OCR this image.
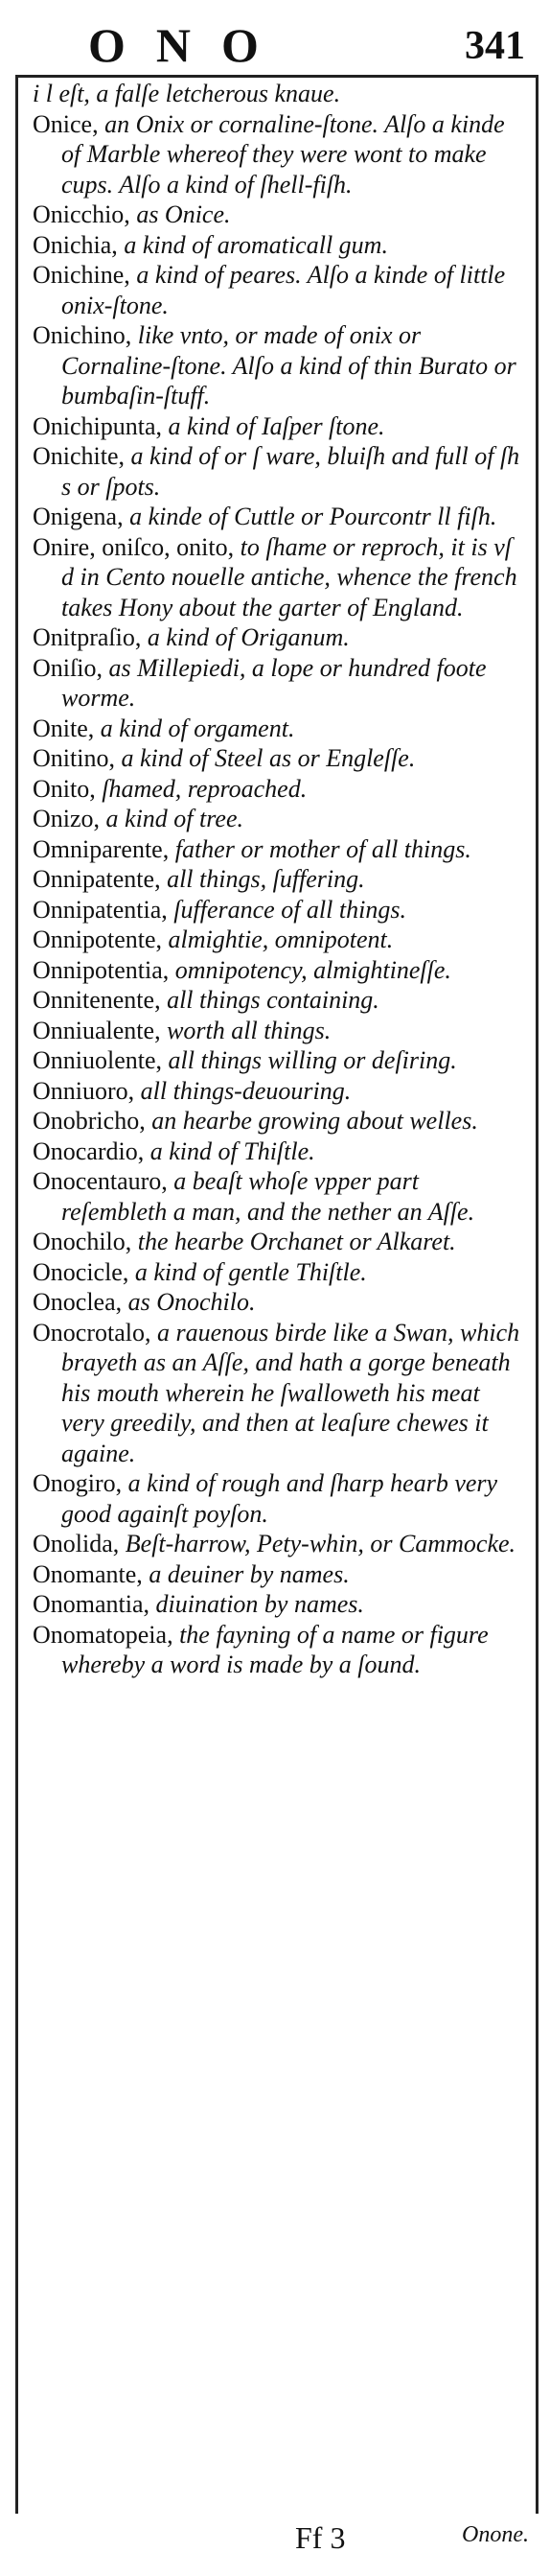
ONO	341
i l eſt, a falſe letcherous knaue.
Onice, an Onix or cornaline-ſtone. Alſo a kinde of Marble whereof they were wont to make cups. Alſo a kind of ſhell-fiſh.
Onicchio, as Onice.
Onichia, a kind of aromaticall gum.
Onichine, a kind of peares. Alſo a kinde of little onix-ſtone.
Onichino, like vnto, or made of onix or Cornaline-ſtone. Alſo a kind of thin Burato or bumbaſin-ſtuff.
Onichipunta, a kind of Iaſper ſtone.
Onichite, a kind of or ſ ware, bluiſh and full of ſh s or ſpots.
Onigena, a kinde of Cuttle or Pourcontr ll fiſh.
Onire, oniſco, onito, to ſhame or reproch, it is vſ d in Cento nouelle antiche, whence the french takes Hony about the garter of England.
Onitpraſio, a kind of Origanum.
Oniſio, as Millepiedi, a lope or hundred foote worme.
Onite, a kind of orgament.
Onitino, a kind of Steel as or Engleſſe.
Onito, ſhamed, reproached.
Onizo, a kind of tree.
Omniparente, father or mother of all things.
Onnipatente, all things, ſuffering.
Onnipatentia, ſufferance of all things.
Onnipotente, almightie, omnipotent.
Onnipotentia, omnipotency, almightineſſe.
Onnitenente, all things containing.
Onniualente, worth all things.
Onniuolente, all things willing or deſiring.
Onniuoro, all things-deuouring.
Onobricho, an hearbe growing about welles.
Onocardio, a kind of Thiſtle.
Onocentauro, a beaſt whoſe vpper part reſembleth a man, and the nether an Aſſe.
Onochilo, the hearbe Orchanet or Alkaret.
Onocicle, a kind of gentle Thiſtle.
Onoclea, as Onochilo.
Onocrotalo, a rauenous birde like a Swan, which brayeth as an Aſſe, and hath a gorge beneath his mouth wherein he ſwalloweth his meat very greedily, and then at leaſure chewes it againe.
Onogiro, a kind of rough and ſharp hearb very good againſt poyſon.
Onolida, Beſt-harrow, Pety-whin, or Cammocke.
Onomante, a deuiner by names.
Onomantia, diuination by names.
Onomatopeia, the fayning of a name or figure whereby a word is made by a ſound.
Ff 3	Onone.
